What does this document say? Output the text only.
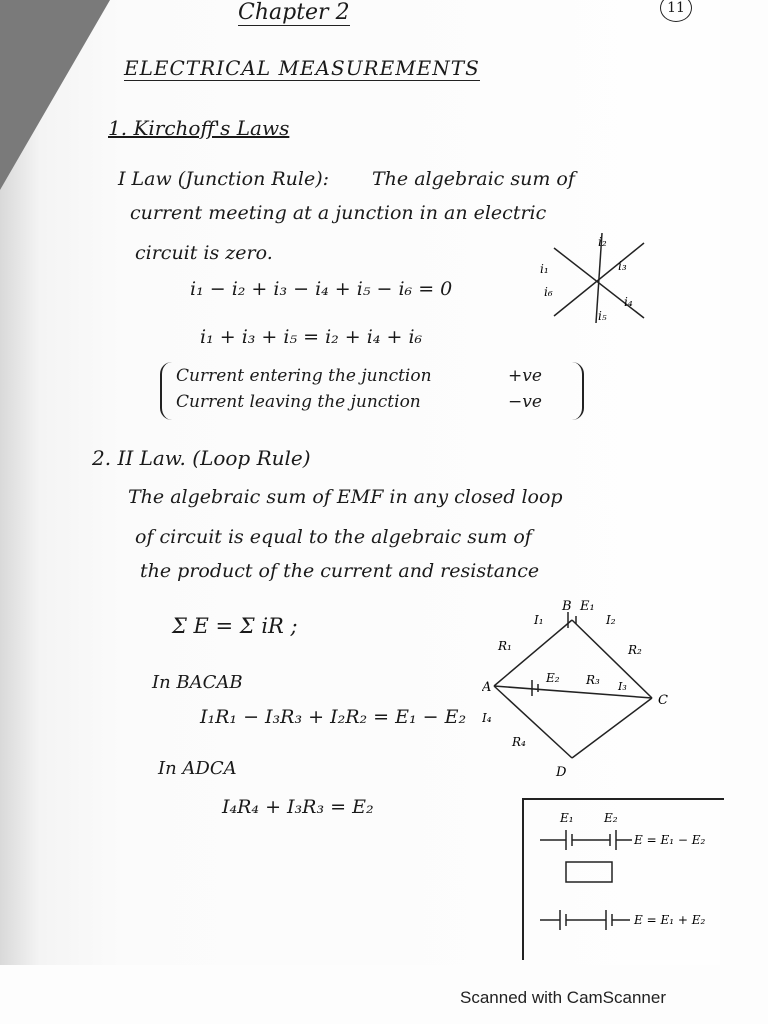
Chapter 2	11
ELECTRICAL MEASUREMENTS
1. Kirchoff's Laws
I Law (Junction Rule): The algebraic sum of
current meeting at a junction in an electric
circuit is zero.
i₁ − i₂ + i₃ − i₄ + i₅ − i₆ = 0
i₁ + i₃ + i₅ = i₂ + i₄ + i₆
i₁
i₂
i₃
i₄
i₅
i₆
Current entering the junction	+ve
Current leaving the junction	−ve
2. II Law. (Loop Rule)
The algebraic sum of EMF in any closed loop
of circuit is equal to the algebraic sum of
the product of the current and resistance
Σ E = Σ iR ;
In BACAB
I₁R₁ − I₃R₃ + I₂R₂ = E₁ − E₂
In ADCA
I₄R₄ + I₃R₃ = E₂
B E₁
I₁	I₂
R₁	R₂
A
E₂ R₃ I₃
C
I₄
R₄
D
E₁	E₂
E = E₁ − E₂
E = E₁ + E₂
Scanned with CamScanner
